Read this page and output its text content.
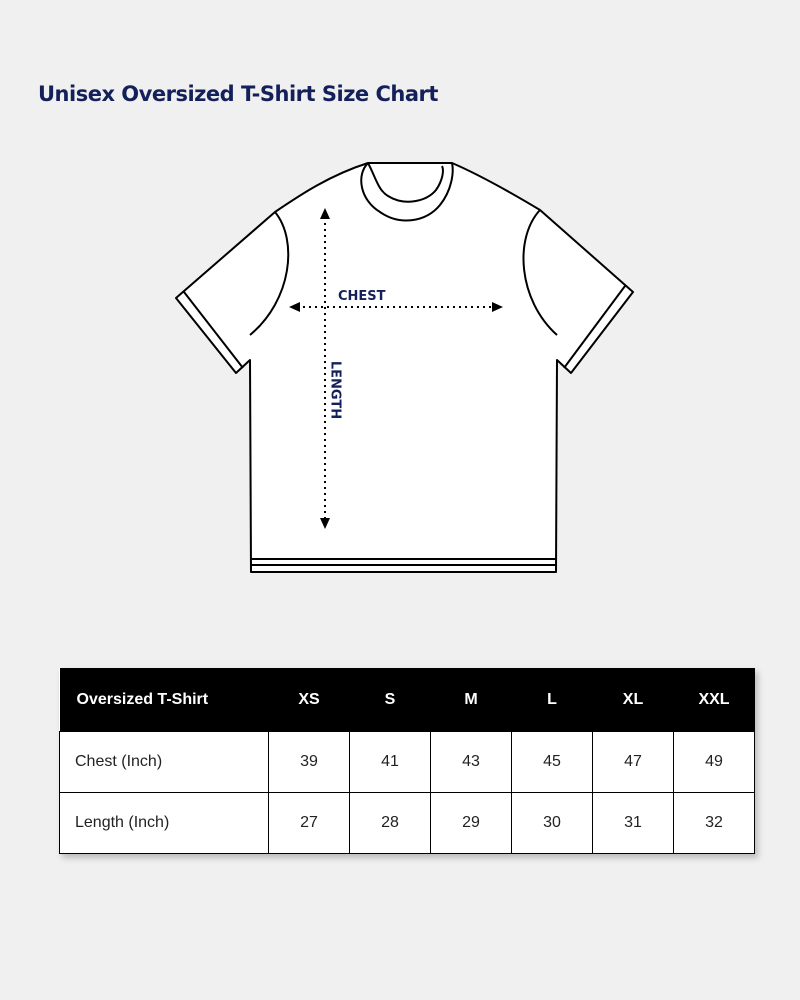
Unisex Oversized T-Shirt Size Chart
CHEST
LENGTH
Oversized T-Shirt	XS	S	M	L	XL	XXL
Chest (Inch)	39	41	43	45	47	49
Length (Inch)	27	28	29	30	31	32
